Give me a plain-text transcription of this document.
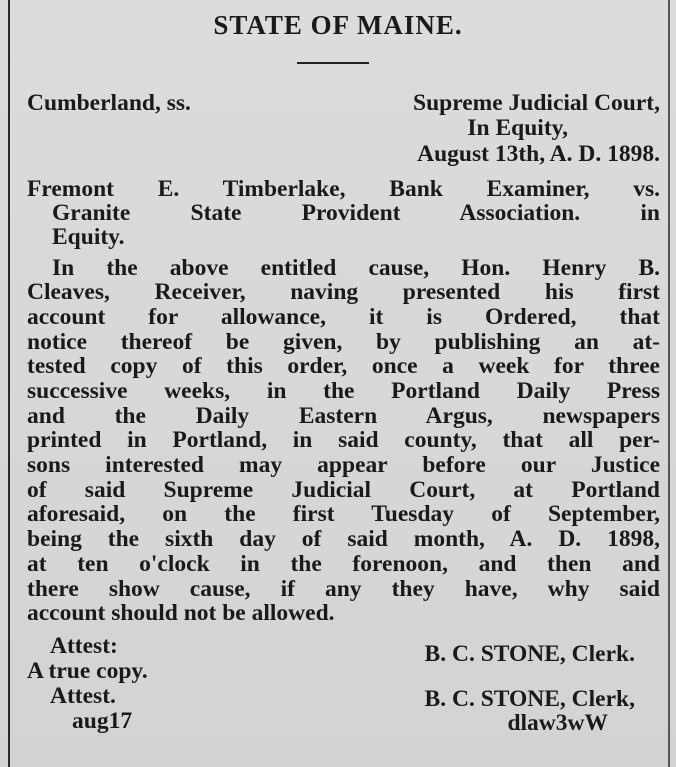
STATE OF MAINE.
Cumberland, ss.	Supreme Judicial Court,
In Equity,
August 13th, A. D. 1898.
Fremont E. Timberlake, Bank Examiner, vs.
Granite State Provident Association. in
Equity.
In the above entitled cause, Hon. Henry B.
Cleaves, Receiver, naving presented his first
account for allowance, it is Ordered, that
notice thereof be given, by publishing an at-
tested copy of this order, once a week for three
successive weeks, in the Portland Daily Press
and the Daily Eastern Argus, newspapers
printed in Portland, in said county, that all per-
sons interested may appear before our Justice
of said Supreme Judicial Court, at Portland
aforesaid, on the first Tuesday of September,
being the sixth day of said month, A. D. 1898,
at ten o'clock in the forenoon, and then and
there show cause, if any they have, why said
account should not be allowed.
Attest:	B. C. STONE, Clerk.
A true copy.
Attest.	B. C. STONE, Clerk,
aug17	dlaw3wW
